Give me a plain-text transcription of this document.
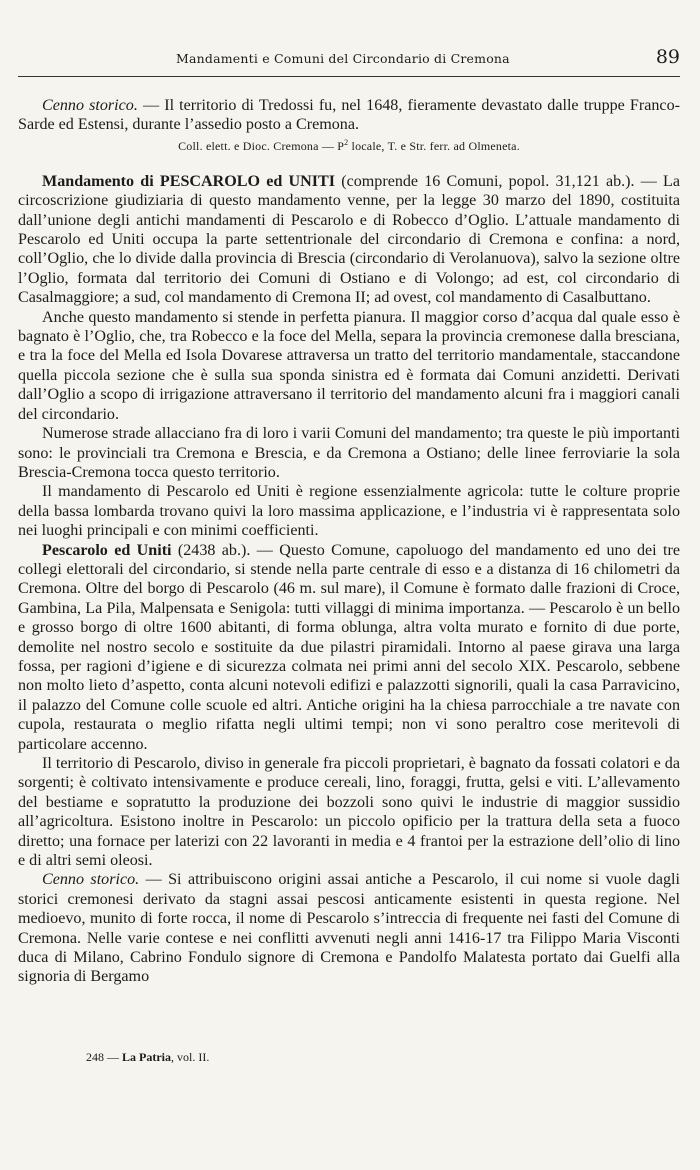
Mandamenti e Comuni del Circondario di Cremona	89

Cenno storico. — Il territorio di Tredossi fu, nel 1648, fieramente devastato dalle truppe Franco-Sarde ed Estensi, durante l’assedio posto a Cremona.

Coll. elett. e Dioc. Cremona — $P^2$ locale, T. e Str. ferr. ad Olmeneta.

Mandamento di PESCAROLO ed UNITI (comprende 16 Comuni, popol. 31,121 ab.). — La circoscrizione giudiziaria di questo mandamento venne, per la legge 30 marzo del 1890, costituita dall’unione degli antichi mandamenti di Pescarolo e di Robecco d’Oglio. L’attuale mandamento di Pescarolo ed Uniti occupa la parte settentrionale del circondario di Cremona e confina: a nord, coll’Oglio, che lo divide dalla provincia di Brescia (circondario di Verolanuova), salvo la sezione oltre l’Oglio, formata dal territorio dei Comuni di Ostiano e di Volongo; ad est, col circondario di Casalmaggiore; a sud, col mandamento di Cremona II; ad ovest, col mandamento di Casalbuttano.

Anche questo mandamento si stende in perfetta pianura. Il maggior corso d’acqua dal quale esso è bagnato è l’Oglio, che, tra Robecco e la foce del Mella, separa la provincia cremonese dalla bresciana, e tra la foce del Mella ed Isola Dovarese attraversa un tratto del territorio mandamentale, staccandone quella piccola sezione che è sulla sua sponda sinistra ed è formata dai Comuni anzidetti. Derivati dall’Oglio a scopo di irrigazione attraversano il territorio del mandamento alcuni fra i maggiori canali del circondario.

Numerose strade allacciano fra di loro i varii Comuni del mandamento; tra queste le più importanti sono: le provinciali tra Cremona e Brescia, e da Cremona a Ostiano; delle linee ferroviarie la sola Brescia-Cremona tocca questo territorio.

Il mandamento di Pescarolo ed Uniti è regione essenzialmente agricola: tutte le colture proprie della bassa lombarda trovano quivi la loro massima applicazione, e l’industria vi è rappresentata solo nei luoghi principali e con minimi coefficienti.

Pescarolo ed Uniti (2438 ab.). — Questo Comune, capoluogo del mandamento ed uno dei tre collegi elettorali del circondario, si stende nella parte centrale di esso e a distanza di 16 chilometri da Cremona. Oltre del borgo di Pescarolo (46 m. sul mare), il Comune è formato dalle frazioni di Croce, Gambina, La Pila, Malpensata e Senigola: tutti villaggi di minima importanza. — Pescarolo è un bello e grosso borgo di oltre 1600 abitanti, di forma oblunga, altra volta murato e fornito di due porte, demolite nel nostro secolo e sostituite da due pilastri piramidali. Intorno al paese girava una larga fossa, per ragioni d’igiene e di sicurezza colmata nei primi anni del secolo XIX. Pescarolo, sebbene non molto lieto d’aspetto, conta alcuni notevoli edifizi e palazzotti signorili, quali la casa Parravicino, il palazzo del Comune colle scuole ed altri. Antiche origini ha la chiesa parrocchiale a tre navate con cupola, restaurata o meglio rifatta negli ultimi tempi; non vi sono peraltro cose meritevoli di particolare accenno.

Il territorio di Pescarolo, diviso in generale fra piccoli proprietari, è bagnato da fossati colatori e da sorgenti; è coltivato intensivamente e produce cereali, lino, foraggi, frutta, gelsi e viti. L’allevamento del bestiame e sopratutto la produzione dei bozzoli sono quivi le industrie di maggior sussidio all’agricoltura. Esistono inoltre in Pescarolo: un piccolo opificio per la trattura della seta a fuoco diretto; una fornace per laterizi con 22 lavoranti in media e 4 frantoi per la estrazione dell’olio di lino e di altri semi oleosi.

Cenno storico. — Si attribuiscono origini assai antiche a Pescarolo, il cui nome si vuole dagli storici cremonesi derivato da stagni assai pescosi anticamente esistenti in questa regione. Nel medioevo, munito di forte rocca, il nome di Pescarolo s’intreccia di frequente nei fasti del Comune di Cremona. Nelle varie contese e nei conflitti avvenuti negli anni 1416-17 tra Filippo Maria Visconti duca di Milano, Cabrino Fondulo signore di Cremona e Pandolfo Malatesta portato dai Guelfi alla signoria di Bergamo

248 — La Patria, vol. II.
